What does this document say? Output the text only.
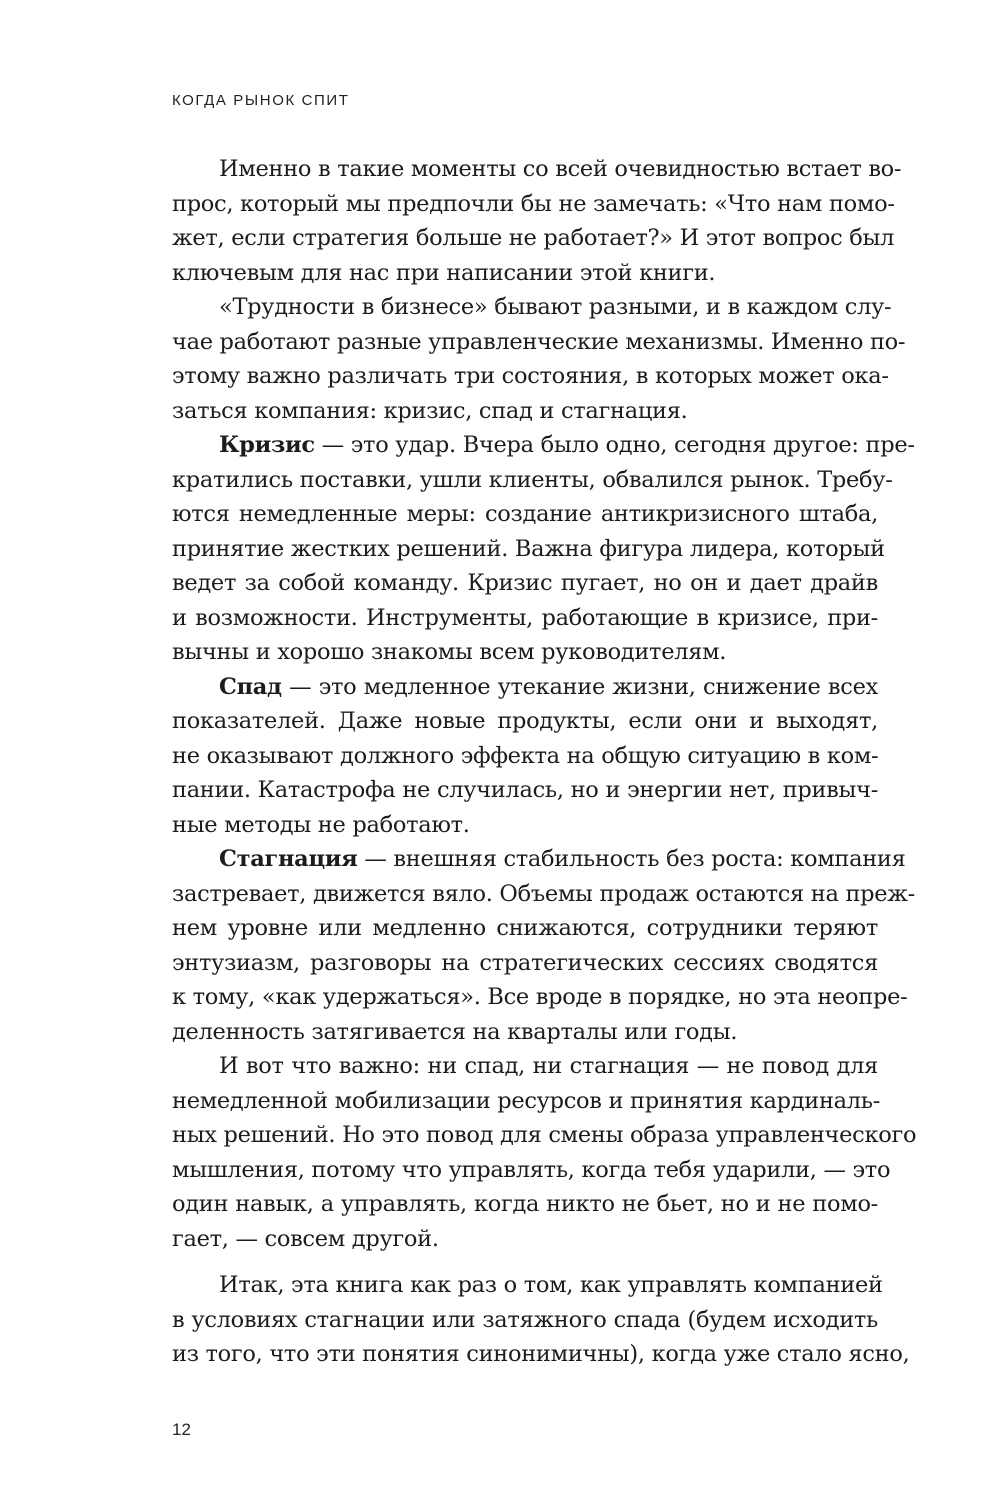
КОГДА РЫНОК СПИТ
Именно в такие моменты со всей очевидностью встает во-
прос, который мы предпочли бы не замечать: «Что нам помо-
жет, если стратегия больше не работает?» И этот вопрос был
ключевым для нас при написании этой книги.
«Трудности в бизнесе» бывают разными, и в каждом слу-
чае работают разные управленческие механизмы. Именно по-
этому важно различать три состояния, в которых может ока-
заться компания: кризис, спад и стагнация.
Кризис — это удар. Вчера было одно, сегодня другое: пре-
кратились поставки, ушли клиенты, обвалился рынок. Требу-
ются немедленные меры: создание антикризисного штаба,
принятие жестких решений. Важна фигура лидера, который
ведет за собой команду. Кризис пугает, но он и дает драйв
и возможности. Инструменты, работающие в кризисе, при-
вычны и хорошо знакомы всем руководителям.
Спад — это медленное утекание жизни, снижение всех
показателей. Даже новые продукты, если они и выходят,
не оказывают должного эффекта на общую ситуацию в ком-
пании. Катастрофа не случилась, но и энергии нет, привыч-
ные методы не работают.
Стагнация — внешняя стабильность без роста: компания
застревает, движется вяло. Объемы продаж остаются на преж-
нем уровне или медленно снижаются, сотрудники теряют
энтузиазм, разговоры на стратегических сессиях сводятся
к тому, «как удержаться». Все вроде в порядке, но эта неопре-
деленность затягивается на кварталы или годы.
И вот что важно: ни спад, ни стагнация — не повод для
немедленной мобилизации ресурсов и принятия кардиналь-
ных решений. Но это повод для смены образа управленческого
мышления, потому что управлять, когда тебя ударили, — это
один навык, а управлять, когда никто не бьет, но и не помо-
гает, — совсем другой.
Итак, эта книга как раз о том, как управлять компанией
в условиях стагнации или затяжного спада (будем исходить
из того, что эти понятия синонимичны), когда уже стало ясно,
12
